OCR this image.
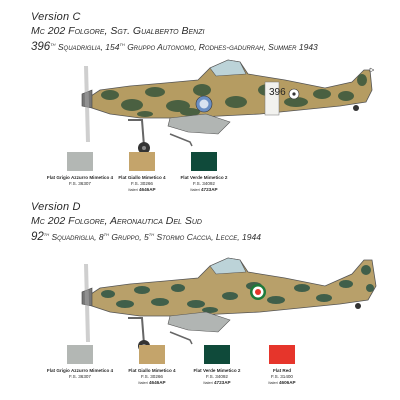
Version C
Mc 202 Folgore, Sgt. Gualberto Benzi
396th Squadriglia, 154th Gruppo Autonomo, Rodhes-gadurrah, Summer 1943
396
Flat Grigio Azzurro Mimetico 4
F.S. 36307
Flat Giallo Mimetico 4
F.S. 30266
Italeri 4646AP
Flat Verde Mimetico 2
F.S. 34092
Italeri 4723AP
Version D
Mc 202 Folgore, Aeronautica Del Sud
92th Squadriglia, 8th Gruppo, 5th Stormo Caccia, Lecce, 1944
Flat Grigio Azzurro Mimetico 4
F.S. 36307
Flat Giallo Mimetico 4
F.S. 30266
Italeri 4646AP
Flat Verde Mimetico 2
F.S. 34092
Italeri 4723AP
Flat Red
F.S. 31400
Italeri 4606AP
